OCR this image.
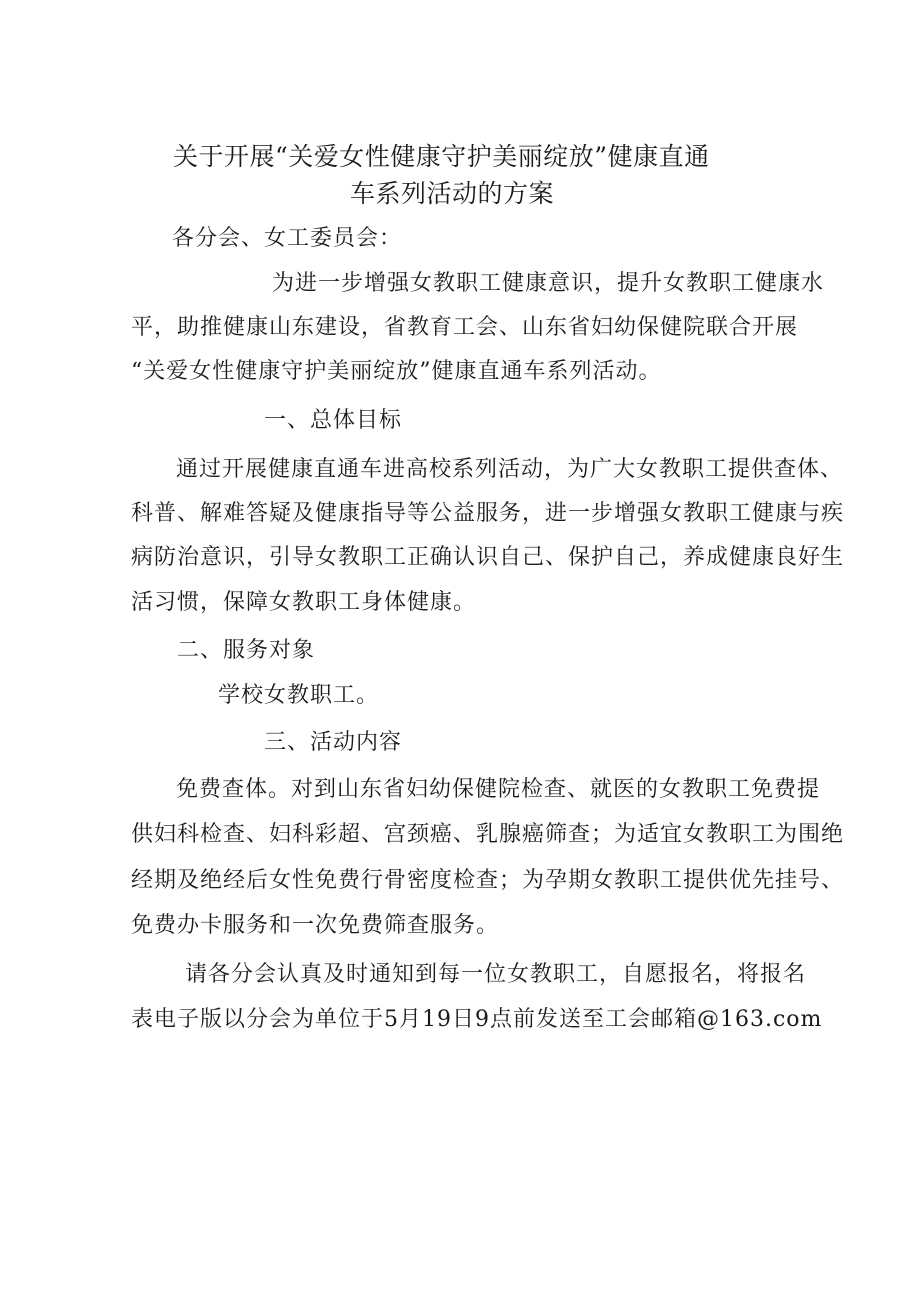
关于开展“关爱女性健康守护美丽绽放”健康直通
车系列活动的方案
各分会、女工委员会：
为进一步增强女教职工健康意识，提升女教职工健康水
平，助推健康山东建设，省教育工会、山东省妇幼保健院联合开展
“关爱女性健康守护美丽绽放”健康直通车系列活动。
一、总体目标
通过开展健康直通车进高校系列活动，为广大女教职工提供查体、
科普、解难答疑及健康指导等公益服务，进一步增强女教职工健康与疾
病防治意识，引导女教职工正确认识自己、保护自己，养成健康良好生
活习惯，保障女教职工身体健康。
二、服务对象
学校女教职工。
三、活动内容
免费查体。对到山东省妇幼保健院检查、就医的女教职工免费提
供妇科检查、妇科彩超、宫颈癌、乳腺癌筛查；为适宜女教职工为围绝
经期及绝经后女性免费行骨密度检查；为孕期女教职工提供优先挂号、
免费办卡服务和一次免费筛查服务。
请各分会认真及时通知到每一位女教职工，自愿报名，将报名
表电子版以分会为单位于5月19日9点前发送至工会邮箱@163.com
